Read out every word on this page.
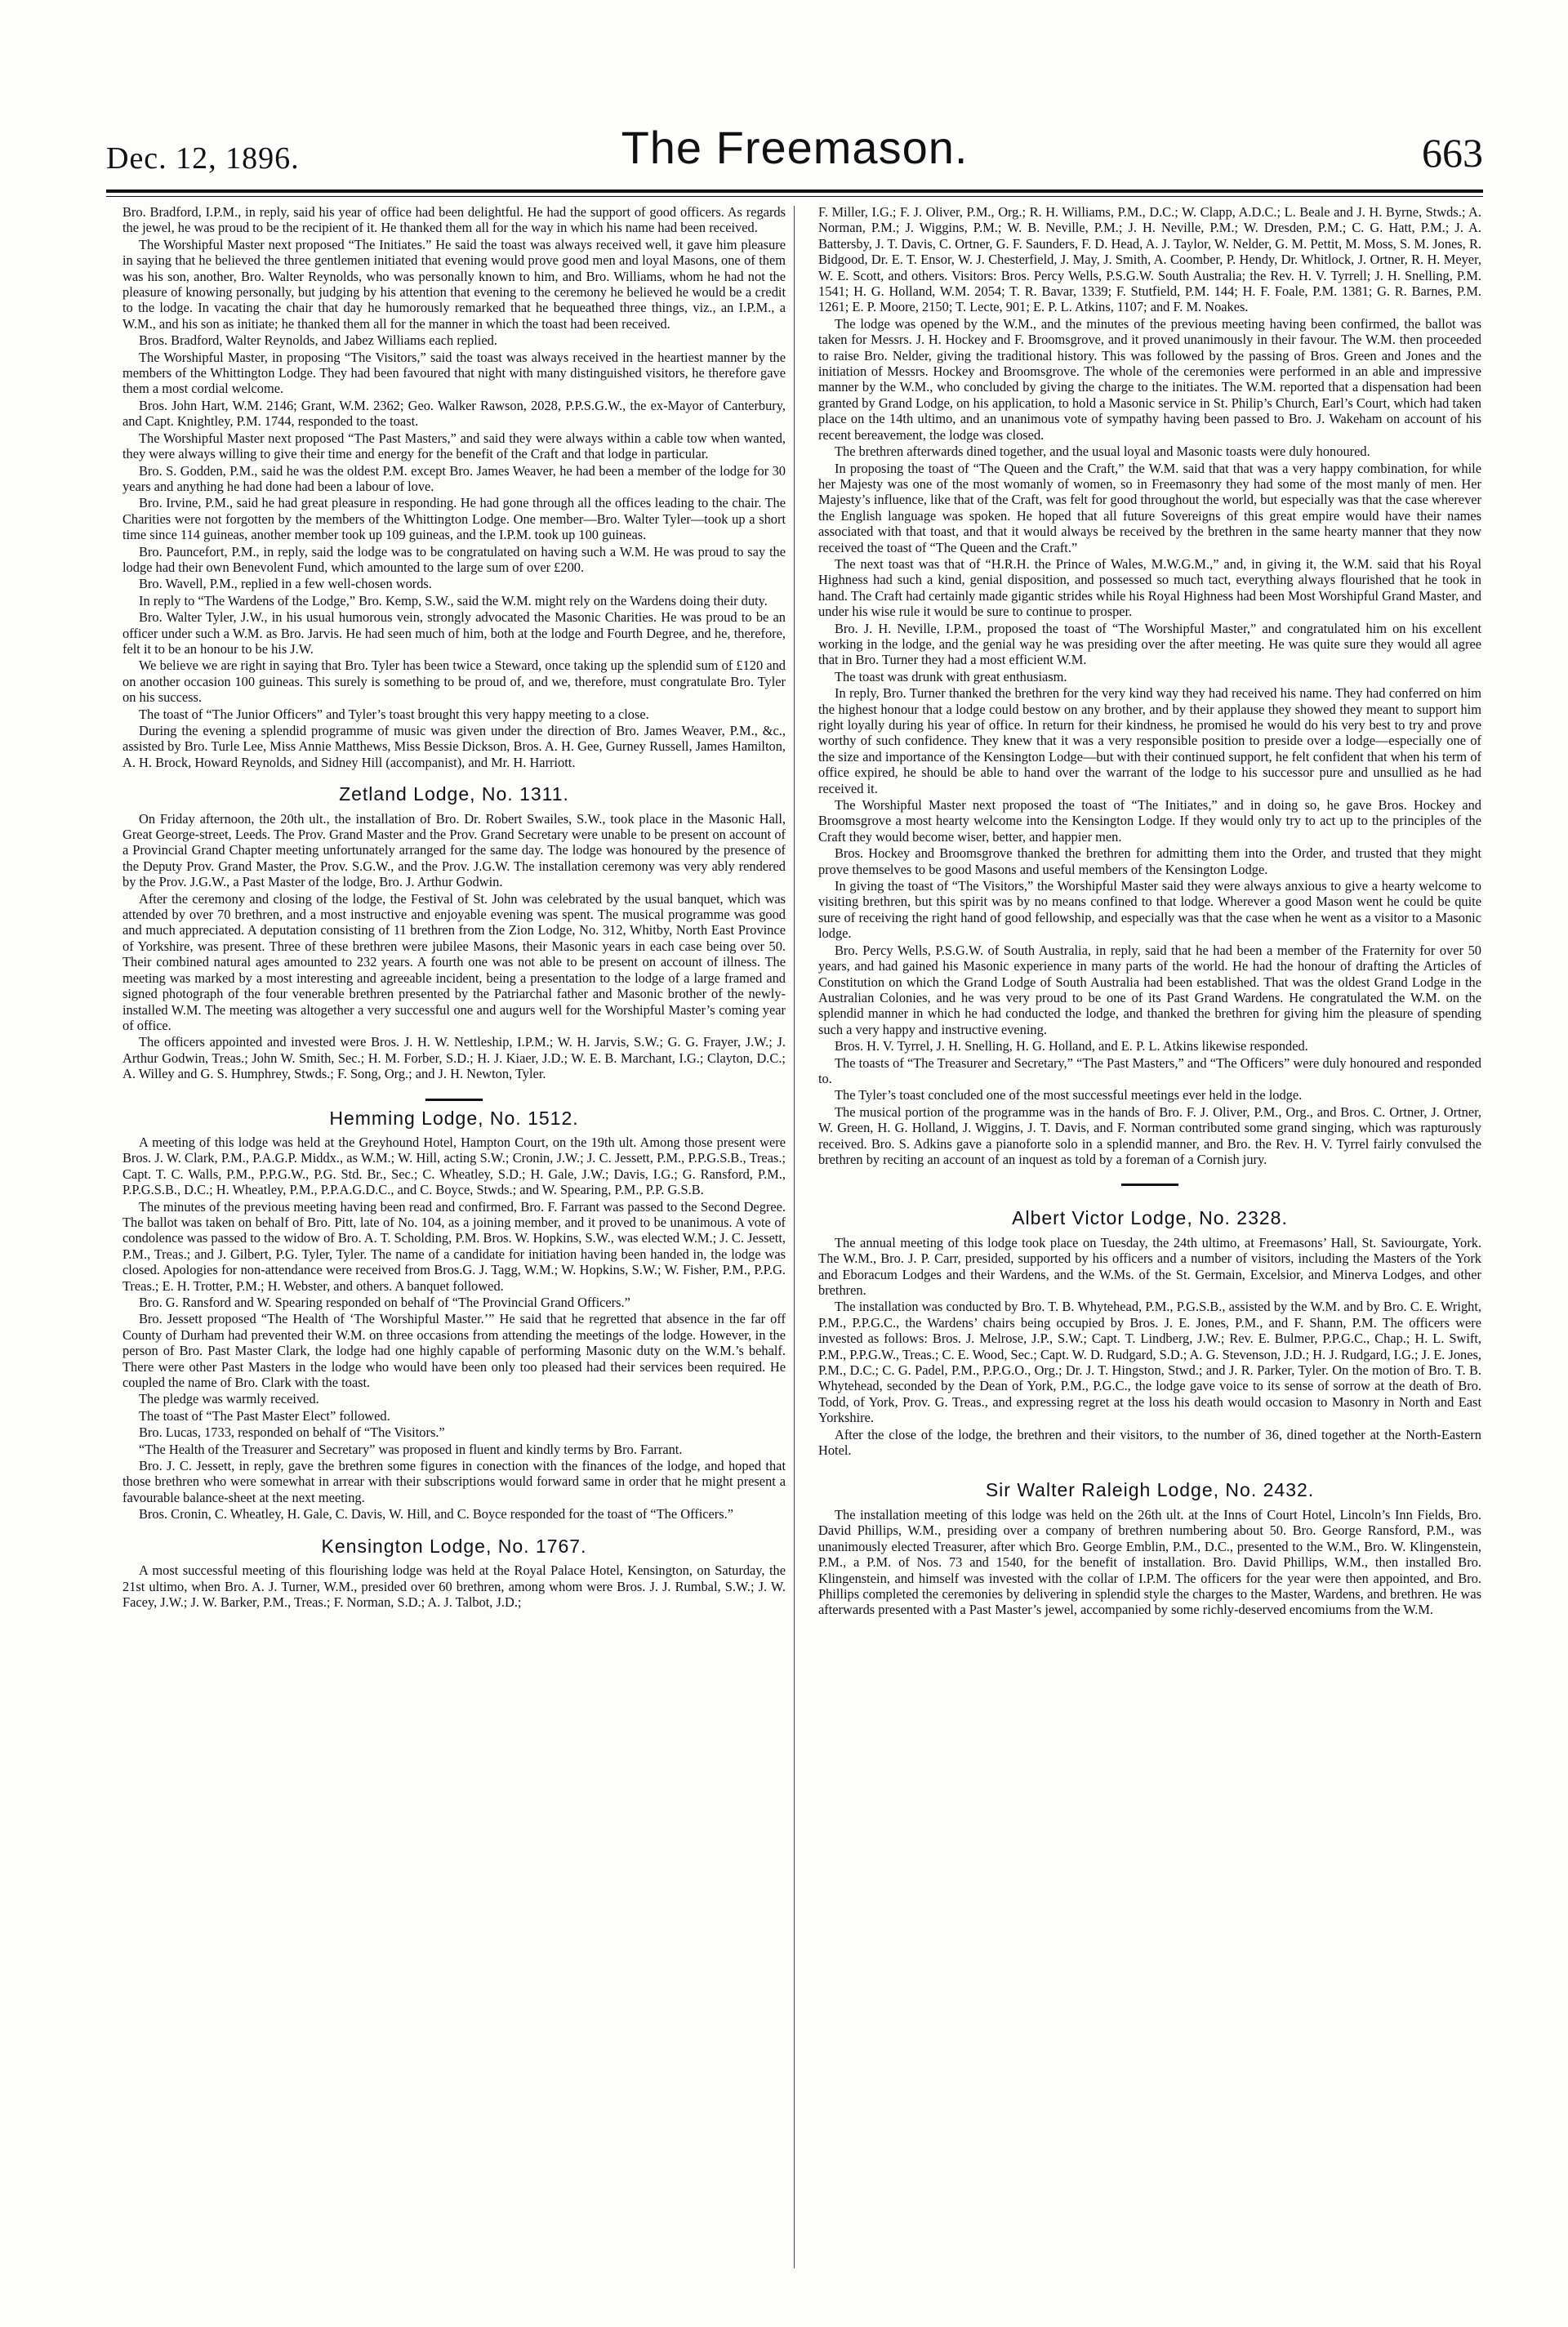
Dec. 12, 1896.	The Freemason.	663

Bro. Bradford, I.P.M., in reply, said his year of office had been delightful. He had the support of good officers. As regards the jewel, he was proud to be the recipient of it. He thanked them all for the way in which his name had been received.

The Worshipful Master next proposed “The Initiates.” He said the toast was always received well, it gave him pleasure in saying that he believed the three gentlemen initiated that evening would prove good men and loyal Masons, one of them was his son, another, Bro. Walter Reynolds, who was personally known to him, and Bro. Williams, whom he had not the pleasure of knowing personally, but judging by his attention that evening to the ceremony he believed he would be a credit to the lodge. In vacating the chair that day he humorously remarked that he bequeathed three things, viz., an I.P.M., a W.M., and his son as initiate; he thanked them all for the manner in which the toast had been received.

Bros. Bradford, Walter Reynolds, and Jabez Williams each replied.

The Worshipful Master, in proposing “The Visitors,” said the toast was always received in the heartiest manner by the members of the Whittington Lodge. They had been favoured that night with many distinguished visitors, he therefore gave them a most cordial welcome.

Bros. John Hart, W.M. 2146; Grant, W.M. 2362; Geo. Walker Rawson, 2028, P.P.S.G.W., the ex-Mayor of Canterbury, and Capt. Knightley, P.M. 1744, responded to the toast.

The Worshipful Master next proposed “The Past Masters,” and said they were always within a cable tow when wanted, they were always willing to give their time and energy for the benefit of the Craft and that lodge in particular.

Bro. S. Godden, P.M., said he was the oldest P.M. except Bro. James Weaver, he had been a member of the lodge for 30 years and anything he had done had been a labour of love.

Bro. Irvine, P.M., said he had great pleasure in responding. He had gone through all the offices leading to the chair. The Charities were not forgotten by the members of the Whittington Lodge. One member—Bro. Walter Tyler—took up a short time since 114 guineas, another member took up 109 guineas, and the I.P.M. took up 100 guineas.

Bro. Pauncefort, P.M., in reply, said the lodge was to be congratulated on having such a W.M. He was proud to say the lodge had their own Benevolent Fund, which amounted to the large sum of over £200.

Bro. Wavell, P.M., replied in a few well-chosen words.

In reply to “The Wardens of the Lodge,” Bro. Kemp, S.W., said the W.M. might rely on the Wardens doing their duty.

Bro. Walter Tyler, J.W., in his usual humorous vein, strongly advocated the Masonic Charities. He was proud to be an officer under such a W.M. as Bro. Jarvis. He had seen much of him, both at the lodge and Fourth Degree, and he, therefore, felt it to be an honour to be his J.W.

We believe we are right in saying that Bro. Tyler has been twice a Steward, once taking up the splendid sum of £120 and on another occasion 100 guineas. This surely is something to be proud of, and we, therefore, must congratulate Bro. Tyler on his success.

The toast of “The Junior Officers” and Tyler’s toast brought this very happy meeting to a close.

During the evening a splendid programme of music was given under the direction of Bro. James Weaver, P.M., &c., assisted by Bro. Turle Lee, Miss Annie Matthews, Miss Bessie Dickson, Bros. A. H. Gee, Gurney Russell, James Hamilton, A. H. Brock, Howard Reynolds, and Sidney Hill (accompanist), and Mr. H. Harriott.

Zetland Lodge, No. 1311.

On Friday afternoon, the 20th ult., the installation of Bro. Dr. Robert Swailes, S.W., took place in the Masonic Hall, Great George-street, Leeds. The Prov. Grand Master and the Prov. Grand Secretary were unable to be present on account of a Provincial Grand Chapter meeting unfortunately arranged for the same day. The lodge was honoured by the presence of the Deputy Prov. Grand Master, the Prov. S.G.W., and the Prov. J.G.W. The installation ceremony was very ably rendered by the Prov. J.G.W., a Past Master of the lodge, Bro. J. Arthur Godwin.

After the ceremony and closing of the lodge, the Festival of St. John was celebrated by the usual banquet, which was attended by over 70 brethren, and a most instructive and enjoyable evening was spent. The musical programme was good and much appreciated. A deputation consisting of 11 brethren from the Zion Lodge, No. 312, Whitby, North East Province of Yorkshire, was present. Three of these brethren were jubilee Masons, their Masonic years in each case being over 50. Their combined natural ages amounted to 232 years. A fourth one was not able to be present on account of illness. The meeting was marked by a most interesting and agreeable incident, being a presentation to the lodge of a large framed and signed photograph of the four venerable brethren presented by the Patriarchal father and Masonic brother of the newly-installed W.M. The meeting was altogether a very successful one and augurs well for the Worshipful Master’s coming year of office.

The officers appointed and invested were Bros. J. H. W. Nettleship, I.P.M.; W. H. Jarvis, S.W.; G. G. Frayer, J.W.; J. Arthur Godwin, Treas.; John W. Smith, Sec.; H. M. Forber, S.D.; H. J. Kiaer, J.D.; W. E. B. Marchant, I.G.; Clayton, D.C.; A. Willey and G. S. Humphrey, Stwds.; F. Song, Org.; and J. H. Newton, Tyler.

Hemming Lodge, No. 1512.

A meeting of this lodge was held at the Greyhound Hotel, Hampton Court, on the 19th ult. Among those present were Bros. J. W. Clark, P.M., P.A.G.P. Middx., as W.M.; W. Hill, acting S.W.; Cronin, J.W.; J. C. Jessett, P.M., P.P.G.S.B., Treas.; Capt. T. C. Walls, P.M., P.P.G.W., P.G. Std. Br., Sec.; C. Wheatley, S.D.; H. Gale, J.W.; Davis, I.G.; G. Ransford, P.M., P.P.G.S.B., D.C.; H. Wheatley, P.M., P.P.A.G.D.C., and C. Boyce, Stwds.; and W. Spearing, P.M., P.P. G.S.B.

The minutes of the previous meeting having been read and confirmed, Bro. F. Farrant was passed to the Second Degree. The ballot was taken on behalf of Bro. Pitt, late of No. 104, as a joining member, and it proved to be unanimous. A vote of condolence was passed to the widow of Bro. A. T. Scholding, P.M. Bros. W. Hopkins, S.W., was elected W.M.; J. C. Jessett, P.M., Treas.; and J. Gilbert, P.G. Tyler, Tyler. The name of a candidate for initiation having been handed in, the lodge was closed. Apologies for non-attendance were received from Bros.G. J. Tagg, W.M.; W. Hopkins, S.W.; W. Fisher, P.M., P.P.G. Treas.; E. H. Trotter, P.M.; H. Webster, and others. A banquet followed.

Bro. G. Ransford and W. Spearing responded on behalf of “The Provincial Grand Officers.”

Bro. Jessett proposed “The Health of ‘The Worshipful Master.’” He said that he regretted that absence in the far off County of Durham had prevented their W.M. on three occasions from attending the meetings of the lodge. However, in the person of Bro. Past Master Clark, the lodge had one highly capable of performing Masonic duty on the W.M.’s behalf. There were other Past Masters in the lodge who would have been only too pleased had their services been required. He coupled the name of Bro. Clark with the toast.

The pledge was warmly received.

The toast of “The Past Master Elect” followed.

Bro. Lucas, 1733, responded on behalf of “The Visitors.”

“The Health of the Treasurer and Secretary” was proposed in fluent and kindly terms by Bro. Farrant.

Bro. J. C. Jessett, in reply, gave the brethren some figures in conection with the finances of the lodge, and hoped that those brethren who were somewhat in arrear with their subscriptions would forward same in order that he might present a favourable balance-sheet at the next meeting.

Bros. Cronin, C. Wheatley, H. Gale, C. Davis, W. Hill, and C. Boyce responded for the toast of “The Officers.”

Kensington Lodge, No. 1767.

A most successful meeting of this flourishing lodge was held at the Royal Palace Hotel, Kensington, on Saturday, the 21st ultimo, when Bro. A. J. Turner, W.M., presided over 60 brethren, among whom were Bros. J. J. Rumbal, S.W.; J. W. Facey, J.W.; J. W. Barker, P.M., Treas.; F. Norman, S.D.; A. J. Talbot, J.D.;

F. Miller, I.G.; F. J. Oliver, P.M., Org.; R. H. Williams, P.M., D.C.; W. Clapp, A.D.C.; L. Beale and J. H. Byrne, Stwds.; A. Norman, P.M.; J. Wiggins, P.M.; W. B. Neville, P.M.; J. H. Neville, P.M.; W. Dresden, P.M.; C. G. Hatt, P.M.; J. A. Battersby, J. T. Davis, C. Ortner, G. F. Saunders, F. D. Head, A. J. Taylor, W. Nelder, G. M. Pettit, M. Moss, S. M. Jones, R. Bidgood, Dr. E. T. Ensor, W. J. Chesterfield, J. May, J. Smith, A. Coomber, P. Hendy, Dr. Whitlock, J. Ortner, R. H. Meyer, W. E. Scott, and others. Visitors: Bros. Percy Wells, P.S.G.W. South Australia; the Rev. H. V. Tyrrell; J. H. Snelling, P.M. 1541; H. G. Holland, W.M. 2054; T. R. Bavar, 1339; F. Stutfield, P.M. 144; H. F. Foale, P.M. 1381; G. R. Barnes, P.M. 1261; E. P. Moore, 2150; T. Lecte, 901; E. P. L. Atkins, 1107; and F. M. Noakes.

The lodge was opened by the W.M., and the minutes of the previous meeting having been confirmed, the ballot was taken for Messrs. J. H. Hockey and F. Broomsgrove, and it proved unanimously in their favour. The W.M. then proceeded to raise Bro. Nelder, giving the traditional history. This was followed by the passing of Bros. Green and Jones and the initiation of Messrs. Hockey and Broomsgrove. The whole of the ceremonies were performed in an able and impressive manner by the W.M., who concluded by giving the charge to the initiates. The W.M. reported that a dispensation had been granted by Grand Lodge, on his application, to hold a Masonic service in St. Philip’s Church, Earl’s Court, which had taken place on the 14th ultimo, and an unanimous vote of sympathy having been passed to Bro. J. Wakeham on account of his recent bereavement, the lodge was closed.

The brethren afterwards dined together, and the usual loyal and Masonic toasts were duly honoured.

In proposing the toast of “The Queen and the Craft,” the W.M. said that that was a very happy combination, for while her Majesty was one of the most womanly of women, so in Freemasonry they had some of the most manly of men. Her Majesty’s influence, like that of the Craft, was felt for good throughout the world, but especially was that the case wherever the English language was spoken. He hoped that all future Sovereigns of this great empire would have their names associated with that toast, and that it would always be received by the brethren in the same hearty manner that they now received the toast of “The Queen and the Craft.”

The next toast was that of “H.R.H. the Prince of Wales, M.W.G.M.,” and, in giving it, the W.M. said that his Royal Highness had such a kind, genial disposition, and possessed so much tact, everything always flourished that he took in hand. The Craft had certainly made gigantic strides while his Royal Highness had been Most Worshipful Grand Master, and under his wise rule it would be sure to continue to prosper.

Bro. J. H. Neville, I.P.M., proposed the toast of “The Worshipful Master,” and congratulated him on his excellent working in the lodge, and the genial way he was presiding over the after meeting. He was quite sure they would all agree that in Bro. Turner they had a most efficient W.M.

The toast was drunk with great enthusiasm.

In reply, Bro. Turner thanked the brethren for the very kind way they had received his name. They had conferred on him the highest honour that a lodge could bestow on any brother, and by their applause they showed they meant to support him right loyally during his year of office. In return for their kindness, he promised he would do his very best to try and prove worthy of such confidence. They knew that it was a very responsible position to preside over a lodge—especially one of the size and importance of the Kensington Lodge—but with their continued support, he felt confident that when his term of office expired, he should be able to hand over the warrant of the lodge to his successor pure and unsullied as he had received it.

The Worshipful Master next proposed the toast of “The Initiates,” and in doing so, he gave Bros. Hockey and Broomsgrove a most hearty welcome into the Kensington Lodge. If they would only try to act up to the principles of the Craft they would become wiser, better, and happier men.

Bros. Hockey and Broomsgrove thanked the brethren for admitting them into the Order, and trusted that they might prove themselves to be good Masons and useful members of the Kensington Lodge.

In giving the toast of “The Visitors,” the Worshipful Master said they were always anxious to give a hearty welcome to visiting brethren, but this spirit was by no means confined to that lodge. Wherever a good Mason went he could be quite sure of receiving the right hand of good fellowship, and especially was that the case when he went as a visitor to a Masonic lodge.

Bro. Percy Wells, P.S.G.W. of South Australia, in reply, said that he had been a member of the Fraternity for over 50 years, and had gained his Masonic experience in many parts of the world. He had the honour of drafting the Articles of Constitution on which the Grand Lodge of South Australia had been established. That was the oldest Grand Lodge in the Australian Colonies, and he was very proud to be one of its Past Grand Wardens. He congratulated the W.M. on the splendid manner in which he had conducted the lodge, and thanked the brethren for giving him the pleasure of spending such a very happy and instructive evening.

Bros. H. V. Tyrrel, J. H. Snelling, H. G. Holland, and E. P. L. Atkins likewise responded.

The toasts of “The Treasurer and Secretary,” “The Past Masters,” and “The Officers” were duly honoured and responded to.

The Tyler’s toast concluded one of the most successful meetings ever held in the lodge.

The musical portion of the programme was in the hands of Bro. F. J. Oliver, P.M., Org., and Bros. C. Ortner, J. Ortner, W. Green, H. G. Holland, J. Wiggins, J. T. Davis, and F. Norman contributed some grand singing, which was rapturously received. Bro. S. Adkins gave a pianoforte solo in a splendid manner, and Bro. the Rev. H. V. Tyrrel fairly convulsed the brethren by reciting an account of an inquest as told by a foreman of a Cornish jury.

Albert Victor Lodge, No. 2328.

The annual meeting of this lodge took place on Tuesday, the 24th ultimo, at Freemasons’ Hall, St. Saviourgate, York. The W.M., Bro. J. P. Carr, presided, supported by his officers and a number of visitors, including the Masters of the York and Eboracum Lodges and their Wardens, and the W.Ms. of the St. Germain, Excelsior, and Minerva Lodges, and other brethren.

The installation was conducted by Bro. T. B. Whytehead, P.M., P.G.S.B., assisted by the W.M. and by Bro. C. E. Wright, P.M., P.P.G.C., the Wardens’ chairs being occupied by Bros. J. E. Jones, P.M., and F. Shann, P.M. The officers were invested as follows: Bros. J. Melrose, J.P., S.W.; Capt. T. Lindberg, J.W.; Rev. E. Bulmer, P.P.G.C., Chap.; H. L. Swift, P.M., P.P.G.W., Treas.; C. E. Wood, Sec.; Capt. W. D. Rudgard, S.D.; A. G. Stevenson, J.D.; H. J. Rudgard, I.G.; J. E. Jones, P.M., D.C.; C. G. Padel, P.M., P.P.G.O., Org.; Dr. J. T. Hingston, Stwd.; and J. R. Parker, Tyler. On the motion of Bro. T. B. Whytehead, seconded by the Dean of York, P.M., P.G.C., the lodge gave voice to its sense of sorrow at the death of Bro. Todd, of York, Prov. G. Treas., and expressing regret at the loss his death would occasion to Masonry in North and East Yorkshire.

After the close of the lodge, the brethren and their visitors, to the number of 36, dined together at the North-Eastern Hotel.

Sir Walter Raleigh Lodge, No. 2432.

The installation meeting of this lodge was held on the 26th ult. at the Inns of Court Hotel, Lincoln’s Inn Fields, Bro. David Phillips, W.M., presiding over a company of brethren numbering about 50. Bro. George Ransford, P.M., was unanimously elected Treasurer, after which Bro. George Emblin, P.M., D.C., presented to the W.M., Bro. W. Klingenstein, P.M., a P.M. of Nos. 73 and 1540, for the benefit of installation. Bro. David Phillips, W.M., then installed Bro. Klingenstein, and himself was invested with the collar of I.P.M. The officers for the year were then appointed, and Bro. Phillips completed the ceremonies by delivering in splendid style the charges to the Master, Wardens, and brethren. He was afterwards presented with a Past Master’s jewel, accompanied by some richly-deserved encomiums from the W.M.
